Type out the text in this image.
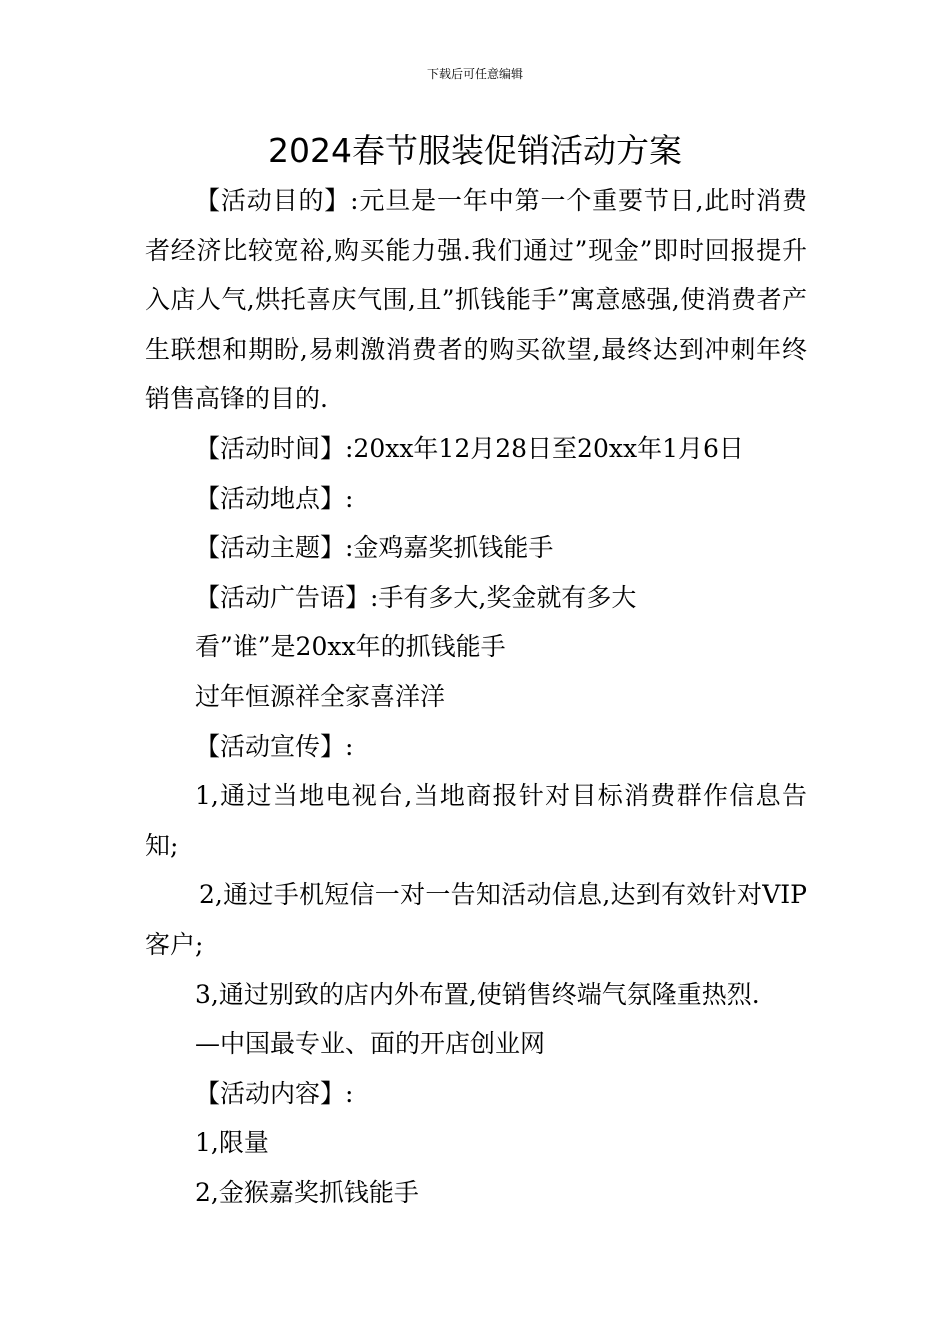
下载后可任意编辑
2024春节服装促销活动方案

【活动目的】:元旦是一年中第一个重要节日,此时消费者经济比较宽裕,购买能力强.我们通过”现金”即时回报提升入店人气,烘托喜庆气围,且”抓钱能手”寓意感强,使消费者产生联想和期盼,易刺激消费者的购买欲望,最终达到冲刺年终销售高锋的目的.

【活动时间】:20xx年12月28日至20xx年1月6日

【活动地点】:

【活动主题】:金鸡嘉奖抓钱能手

【活动广告语】:手有多大,奖金就有多大

看”谁”是20xx年的抓钱能手

过年恒源祥全家喜洋洋

【活动宣传】:

1,通过当地电视台,当地商报针对目标消费群作信息告知;

2,通过手机短信一对一告知活动信息,达到有效针对VIP客户;

3,通过别致的店内外布置,使销售终端气氛隆重热烈.

—中国最专业、面的开店创业网

【活动内容】:

1,限量

2,金猴嘉奖抓钱能手
